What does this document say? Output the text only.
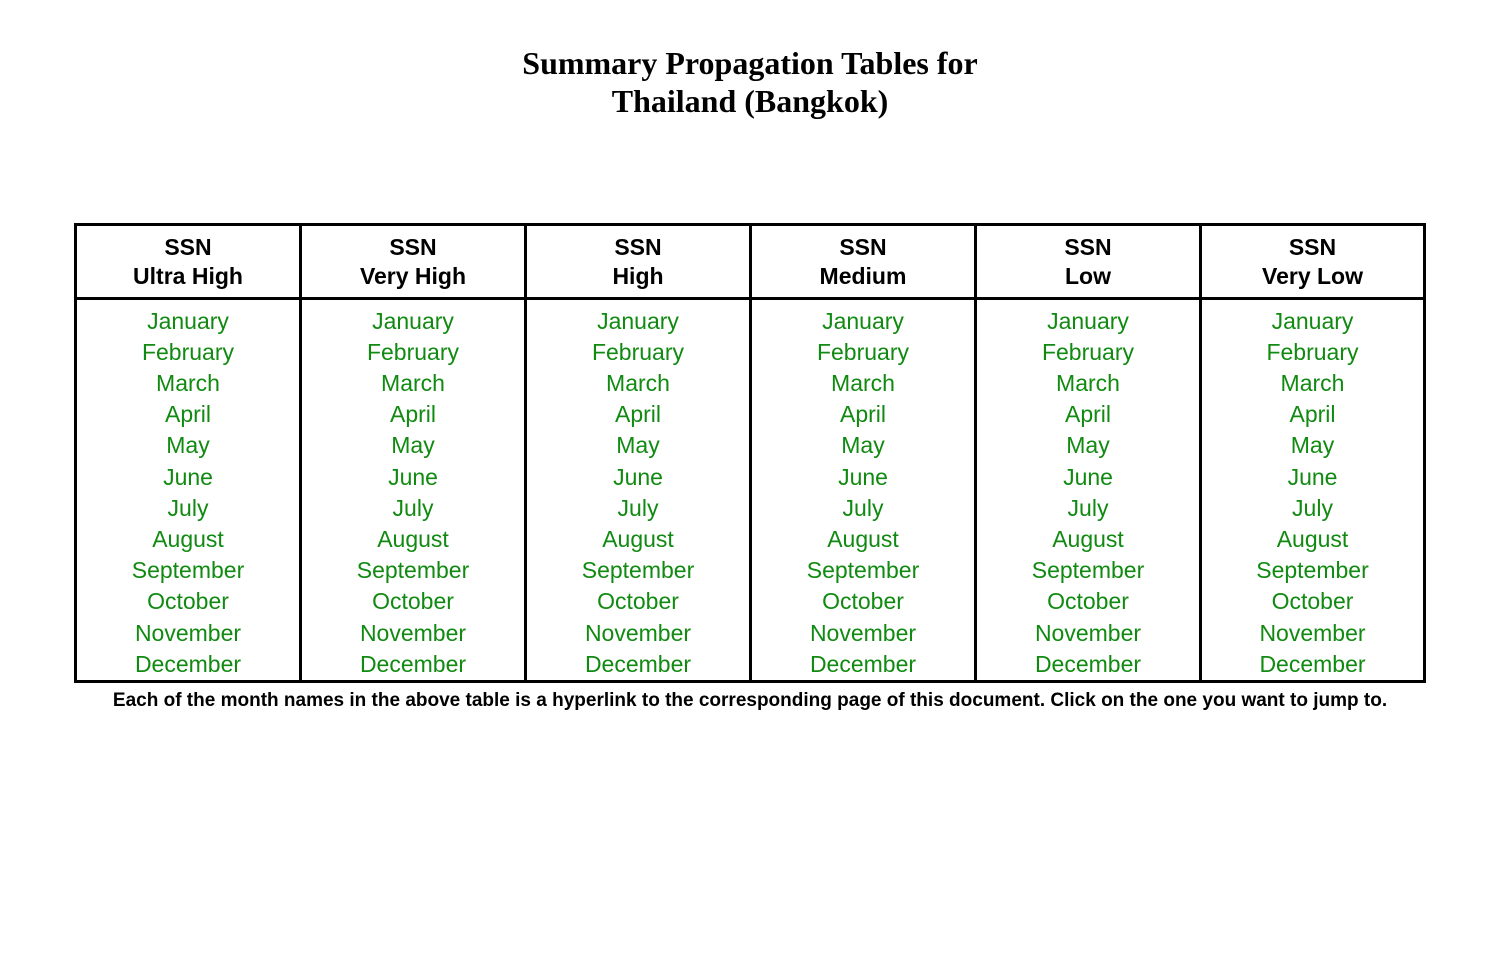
Summary Propagation Tables for
Thailand (Bangkok)
SSN
Ultra High
January
February
March
April
May
June
July
August
September
October
November
December
SSN
Very High
January
February
March
April
May
June
July
August
September
October
November
December
SSN
High
January
February
March
April
May
June
July
August
September
October
November
December
SSN
Medium
January
February
March
April
May
June
July
August
September
October
November
December
SSN
Low
January
February
March
April
May
June
July
August
September
October
November
December
SSN
Very Low
January
February
March
April
May
June
July
August
September
October
November
December
Each of the month names in the above table is a hyperlink to the corresponding page of this document. Click on the one you want to jump to.
